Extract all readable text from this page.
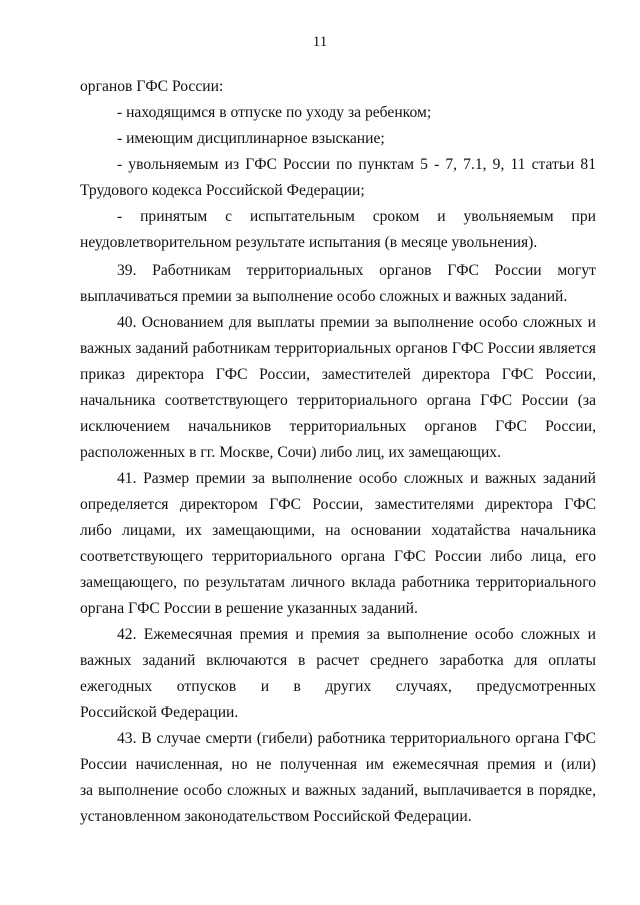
11
органов ГФС России:
- находящимся в отпуске по уходу за ребенком;
- имеющим дисциплинарное взыскание;
- увольняемым из ГФС России по пунктам 5 - 7, 7.1, 9, 11 статьи 81
Трудового кодекса Российской Федерации;
- принятым с испытательным сроком и увольняемым при
неудовлетворительном результате испытания (в месяце увольнения).
39. Работникам территориальных органов ГФС России могут
выплачиваться премии за выполнение особо сложных и важных заданий.
40. Основанием для выплаты премии за выполнение особо сложных и
важных заданий работникам территориальных органов ГФС России является
приказ директора ГФС России, заместителей директора ГФС России,
начальника соответствующего территориального органа ГФС России (за
исключением начальников территориальных органов ГФС России,
расположенных в гг. Москве, Сочи) либо лиц, их замещающих.
41. Размер премии за выполнение особо сложных и важных заданий
определяется директором ГФС России, заместителями директора ГФС
либо лицами, их замещающими, на основании ходатайства начальника
соответствующего территориального органа ГФС России либо лица, его
замещающего, по результатам личного вклада работника территориального
органа ГФС России в решение указанных заданий.
42. Ежемесячная премия и премия за выполнение особо сложных и
важных заданий включаются в расчет среднего заработка для оплаты
ежегодных отпусков и в других случаях, предусмотренных
Российской Федерации.
43. В случае смерти (гибели) работника территориального органа ГФС
России начисленная, но не полученная им ежемесячная премия и (или)
за выполнение особо сложных и важных заданий, выплачивается в порядке,
установленном законодательством Российской Федерации.
